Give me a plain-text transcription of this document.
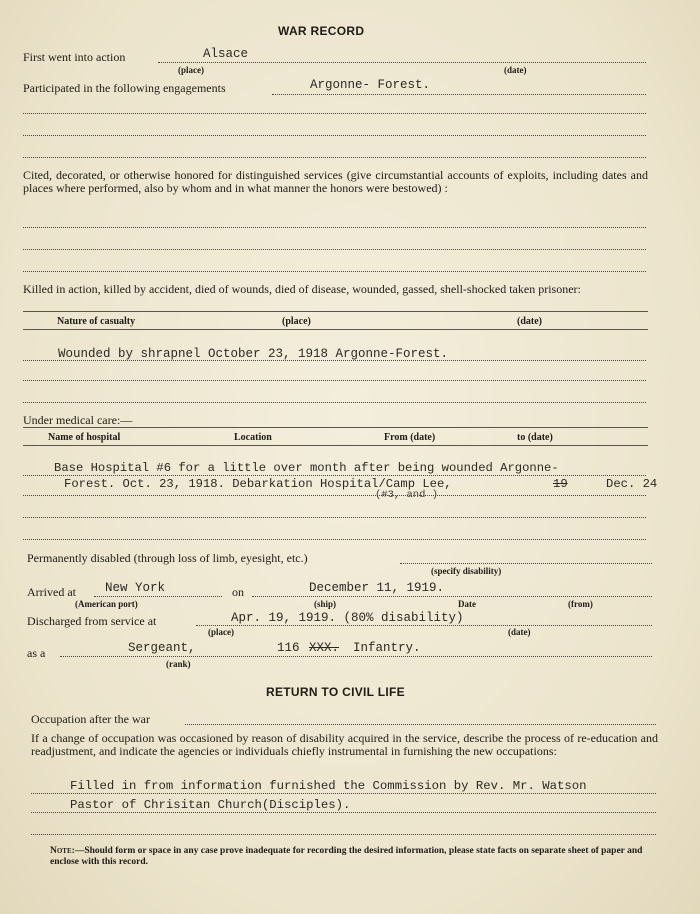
WAR RECORD
First went into action	Alsace
(place)	(date)
Participated in the following engagements	Argonne- Forest.
Cited, decorated, or otherwise honored for distinguished services (give circumstantial accounts of exploits, including dates and places where performed, also by whom and in what manner the honors were bestowed) :
Killed in action, killed by accident, died of wounds, died of disease, wounded, gassed, shell-shocked taken prisoner:
Nature of casualty	(place)	(date)
Wounded by shrapnel October 23, 1918 Argonne-Forest.
Under medical care:—
Name of hospital	Location	From (date)	to (date)
Base Hospital #6 for a little over month after being wounded Argonne-
Forest. Oct. 23, 1918. Debarkation Hospital/Camp Lee,	19	Dec. 24
(#3, and )
Permanently disabled (through loss of limb, eyesight, etc.)
(specify disability)
Arrived at New York	on	December 11, 1919.
(American port)	(ship)	Date	(from)
Discharged from service at	Apr. 19, 1919. (80% disability)
(place)	(date)
as a	Sergeant,	116 XXX. Infantry.
(rank)
RETURN TO CIVIL LIFE
Occupation after the war
If a change of occupation was occasioned by reason of disability acquired in the service, describe the process of re-education and readjustment, and indicate the agencies or individuals chiefly instrumental in furnishing the new occupations:
Filled in from information furnished the Commission by Rev. Mr. Watson
Pastor of Chrisitan Church(Disciples).
Note:—Should form or space in any case prove inadequate for recording the desired information, please state facts on separate sheet of paper and enclose with this record.
